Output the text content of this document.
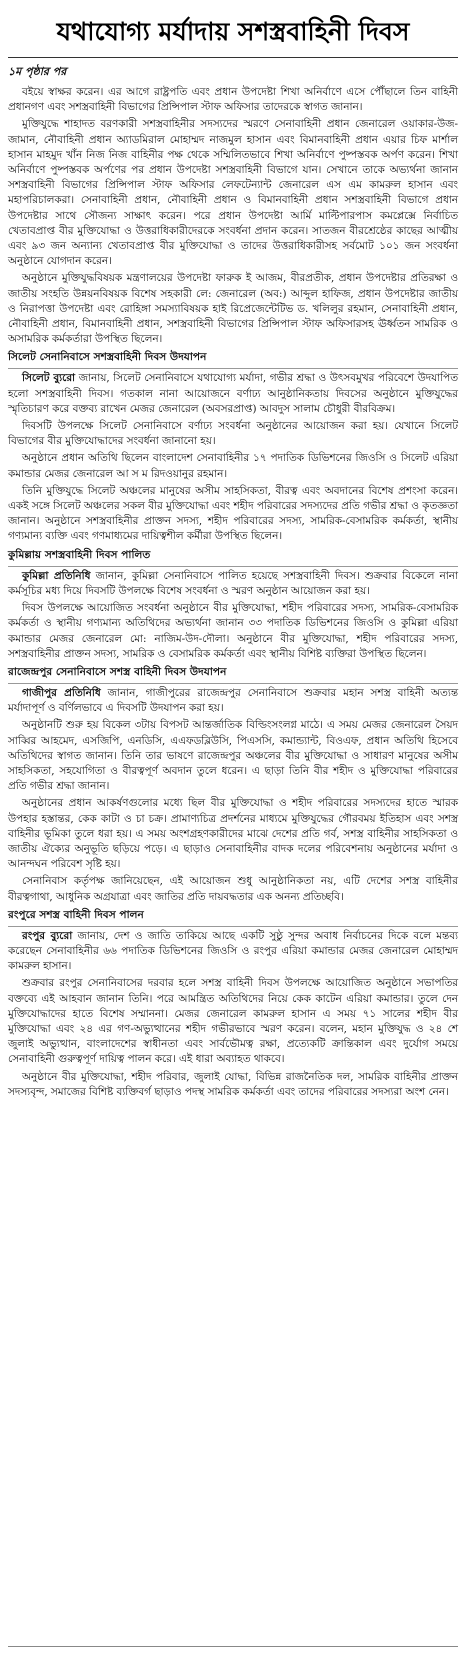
যথাযোগ্য মর্যাদায় সশস্ত্রবাহিনী দিবস
১ম পৃষ্ঠার পর

বইয়ে স্বাক্ষর করেন। এর আগে রাষ্ট্রপতি এবং প্রধান উপদেষ্টা শিখা অনির্বাণে এসে পৌঁছালে তিন বাহিনী প্রধানগণ এবং সশস্ত্রবাহিনী বিভাগের প্রিন্সিপাল স্টাফ অফিসার তাদেরকে স্বাগত জানান।

মুক্তিযুদ্ধে শাহাদত বরণকারী সশস্ত্রবাহিনীর সদস্যদের স্মরণে সেনাবাহিনী প্রধান জেনারেল ওয়াকার-উজ-জামান, নৌবাহিনী প্রধান অ্যাডমিরাল মোহাম্মদ নাজমুল হাসান এবং বিমানবাহিনী প্রধান এয়ার চিফ মার্শাল হাসান মাহমুদ খাঁন নিজ নিজ বাহিনীর পক্ষ থেকে সম্মিলিতভাবে শিখা অনির্বাণে পুষ্পস্তবক অর্পণ করেন। শিখা অনির্বাণে পুষ্পস্তবক অর্পণের পর প্রধান উপদেষ্টা সশস্ত্রবাহিনী বিভাগে যান। সেখানে তাকে অভ্যর্থনা জানান সশস্ত্রবাহিনী বিভাগের প্রিন্সিপাল স্টাফ অফিসার লেফটেন্যান্ট জেনারেল এস এম কামরুল হাসান এবং মহাপরিচালকরা। সেনাবাহিনী প্রধান, নৌবাহিনী প্রধান ও বিমানবাহিনী প্রধান সশস্ত্রবাহিনী বিভাগে প্রধান উপদেষ্টার সাথে সৌজন্য সাক্ষাৎ করেন। পরে প্রধান উপদেষ্টা আর্মি মাল্টিপারপাস কমপ্লেক্সে নির্বাচিত খেতাবপ্রাপ্ত বীর মুক্তিযোদ্ধা ও উত্তরাধিকারীদেরকে সংবর্ধনা প্রদান করেন। সাতজন বীরশ্রেষ্ঠের কাছের আত্মীয় এবং ৯৩ জন অন্যান্য খেতাবপ্রাপ্ত বীর মুক্তিযোদ্ধা ও তাদের উত্তরাধিকারীসহ সর্বমোট ১০১ জন সংবর্ধনা অনুষ্ঠানে যোগদান করেন।

অনুষ্ঠানে মুক্তিযুদ্ধবিষয়ক মন্ত্রণালয়ের উপদেষ্টা ফারুক ই আজম, বীরপ্রতীক, প্রধান উপদেষ্টার প্রতিরক্ষা ও জাতীয় সংহতি উন্নয়নবিষয়ক বিশেষ সহকারী লে: জেনারেল (অব:) আব্দুল হাফিজ, প্রধান উপদেষ্টার জাতীয় ও নিরাপত্তা উপদেষ্টা এবং রোহিঙ্গা সমস্যাবিষয়ক হাই রিপ্রেজেন্টেটিভ ড. খলিলুর রহমান, সেনাবাহিনী প্রধান, নৌবাহিনী প্রধান, বিমানবাহিনী প্রধান, সশস্ত্রবাহিনী বিভাগের প্রিন্সিপাল স্টাফ অফিসারসহ ঊর্ধ্বতন সামরিক ও অসামরিক কর্মকর্তারা উপস্থিত ছিলেন।

সিলেট সেনানিবাসে সশস্ত্রবাহিনী দিবস উদযাপন

সিলেট ব্যুরো জানায়, সিলেট সেনানিবাসে যথাযোগ্য মর্যাদা, গভীর শ্রদ্ধা ও উৎসবমুখর পরিবেশে উদযাপিত হলো সশস্ত্রবাহিনী দিবস। গতকাল নানা আয়োজনে বর্ণাঢ্য আনুষ্ঠানিকতায় দিবসের অনুষ্ঠানে মুক্তিযুদ্ধের স্মৃতিচারণ করে বক্তব্য রাখেন মেজর জেনারেল (অবসরপ্রাপ্ত) আবদুস সালাম চৌধুরী বীরবিক্রম।

দিবসটি উপলক্ষে সিলেট সেনানিবাসে বর্ণাঢ্য সংবর্ধনা অনুষ্ঠানের আয়োজন করা হয়। যেখানে সিলেট বিভাগের বীর মুক্তিযোদ্ধাদের সংবর্ধনা জানানো হয়।

অনুষ্ঠানে প্রধান অতিথি ছিলেন বাংলাদেশ সেনাবাহিনীর ১৭ পদাতিক ডিভিশনের জিওসি ও সিলেট এরিয়া কমান্ডার মেজর জেনারেল আ স ম রিদওয়ানুর রহমান।

তিনি মুক্তিযুদ্ধে সিলেট অঞ্চলের মানুষের অসীম সাহসিকতা, বীরত্ব এবং অবদানের বিশেষ প্রশংসা করেন। একই সঙ্গে সিলেট অঞ্চলের সকল বীর মুক্তিযোদ্ধা এবং শহীদ পরিবারের সদস্যদের প্রতি গভীর শ্রদ্ধা ও কৃতজ্ঞতা জানান। অনুষ্ঠানে সশস্ত্রবাহিনীর প্রাক্তন সদস্য, শহীদ পরিবারের সদস্য, সামরিক-বেসামরিক কর্মকর্তা, স্থানীয় গণ্যমান্য ব্যক্তি এবং গণমাধ্যমের দায়িত্বশীল কর্মীরা উপস্থিত ছিলেন।

কুমিল্লায় সশস্ত্রবাহিনী দিবস পালিত

কুমিল্লা প্রতিনিধি জানান, কুমিল্লা সেনানিবাসে পালিত হয়েছে সশস্ত্রবাহিনী দিবস। শুক্রবার বিকেলে নানা কর্মসূচির মধ্য দিয়ে দিবসটি উপলক্ষে বিশেষ সংবর্ধনা ও স্মরণ অনুষ্ঠান আয়োজন করা হয়।

দিবস উপলক্ষে আয়োজিত সংবর্ধনা অনুষ্ঠানে বীর মুক্তিযোদ্ধা, শহীদ পরিবারের সদস্য, সামরিক-বেসামরিক কর্মকর্তা ও স্থানীয় গণ্যমান্য অতিথিদের অভ্যর্থনা জানান ৩৩ পদাতিক ডিভিশনের জিওসি ও কুমিল্লা এরিয়া কমান্ডার মেজর জেনারেল মো: নাজিম-উদ-দৌলা। অনুষ্ঠানে বীর মুক্তিযোদ্ধা, শহীদ পরিবারের সদস্য, সশস্ত্রবাহিনীর প্রাক্তন সদস্য, সামরিক ও বেসামরিক কর্মকর্তা এবং স্থানীয় বিশিষ্ট ব্যক্তিরা উপস্থিত ছিলেন।

রাজেন্দ্রপুর সেনানিবাসে সশস্ত্র বাহিনী দিবস উদযাপন

গাজীপুর প্রতিনিধি জানান, গাজীপুরের রাজেন্দ্রপুর সেনানিবাসে শুক্রবার মহান সশস্ত্র বাহিনী অত্যন্ত মর্যাদাপূর্ণ ও বর্ণিলভাবে এ দিবসটি উদযাপন করা হয়।

অনুষ্ঠানটি শুরু হয় বিকেল ৩টায় বিপসট আন্তর্জাতিক বিল্ডিংসংলগ্ন মাঠে। এ সময় মেজর জেনারেল সৈয়দ সাব্বির আহমেদ, এসজিপি, এনডিসি, এএফডব্লিউসি, পিএসসি, কমান্ড্যান্ট, বিওএফ, প্রধান অতিথি হিসেবে অতিথিদের স্বাগত জানান। তিনি তার ভাষণে রাজেন্দ্রপুর অঞ্চলের বীর মুক্তিযোদ্ধা ও সাধারণ মানুষের অসীম সাহসিকতা, সহযোগিতা ও বীরত্বপূর্ণ অবদান তুলে ধরেন। এ ছাড়া তিনি বীর শহীদ ও মুক্তিযোদ্ধা পরিবারের প্রতি গভীর শ্রদ্ধা জানান।

অনুষ্ঠানের প্রধান আকর্ষণগুলোর মধ্যে ছিল বীর মুক্তিযোদ্ধা ও শহীদ পরিবারের সদস্যদের হাতে স্মারক উপহার হস্তান্তর, কেক কাটা ও চা চক্র। প্রামাণ্যচিত্র প্রদর্শনের মাধ্যমে মুক্তিযুদ্ধের গৌরবময় ইতিহাস এবং সশস্ত্র বাহিনীর ভূমিকা তুলে ধরা হয়। এ সময় অংশগ্রহণকারীদের মাঝে দেশের প্রতি গর্ব, সশস্ত্র বাহিনীর সাহসিকতা ও জাতীয় ঐক্যের অনুভূতি ছড়িয়ে পড়ে। এ ছাড়াও সেনাবাহিনীর বাদক দলের পরিবেশনায় অনুষ্ঠানের মর্যাদা ও আনন্দঘন পরিবেশ সৃষ্টি হয়।

সেনানিবাস কর্তৃপক্ষ জানিয়েছেন, এই আয়োজন শুধু আনুষ্ঠানিকতা নয়, এটি দেশের সশস্ত্র বাহিনীর বীরত্বগাথা, আধুনিক অগ্রযাত্রা এবং জাতির প্রতি দায়বদ্ধতার এক অনন্য প্রতিচ্ছবি।

রংপুরে সশস্ত্র বাহিনী দিবস পালন

রংপুর ব্যুরো জানায়, দেশ ও জাতি তাকিয়ে আছে একটি সুষ্ঠু সুন্দর অবাধ নির্বাচনের দিকে বলে মন্তব্য করেছেন সেনাবাহিনীর ৬৬ পদাতিক ডিভিশনের জিওসি ও রংপুর এরিয়া কমান্ডার মেজর জেনারেল মোহাম্মদ কামরুল হাসান।

শুক্রবার রংপুর সেনানিবাসের দরবার হলে সশস্ত্র বাহিনী দিবস উপলক্ষে আয়োজিত অনুষ্ঠানে সভাপতির বক্তব্যে এই আহবান জানান তিনি। পরে আমন্ত্রিত অতিথিদের নিয়ে কেক কাটেন এরিয়া কমান্ডার। তুলে দেন মুক্তিযোদ্ধাদের হাতে বিশেষ সম্মাননা। মেজর জেনারেল কামরুল হাসান এ সময় ৭১ সালের শহীদ বীর মুক্তিযোদ্ধা এবং ২৪ এর গণ-অভ্যুত্থানের শহীদ গভীরভাবে স্মরণ করেন। বলেন, মহান মুক্তিযুদ্ধ ও ২৪ শে জুলাই অভ্যুত্থান, বাংলাদেশের স্বাধীনতা এবং সার্বভৌমত্ব রক্ষা, প্রত্যেকটি ক্রান্তিকাল এবং দুর্যোগ সময়ে সেনাবাহিনী গুরুত্বপূর্ণ দায়িত্ব পালন করে। এই ধারা অব্যাহত থাকবে।

অনুষ্ঠানে বীর মুক্তিযোদ্ধা, শহীদ পরিবার, জুলাই যোদ্ধা, বিভিন্ন রাজনৈতিক দল, সামরিক বাহিনীর প্রাক্তন সদস্যবৃন্দ, সমাজের বিশিষ্ট ব্যক্তিবর্গ ছাড়াও পদস্থ সামরিক কর্মকর্তা এবং তাদের পরিবারের সদস্যরা অংশ নেন।
